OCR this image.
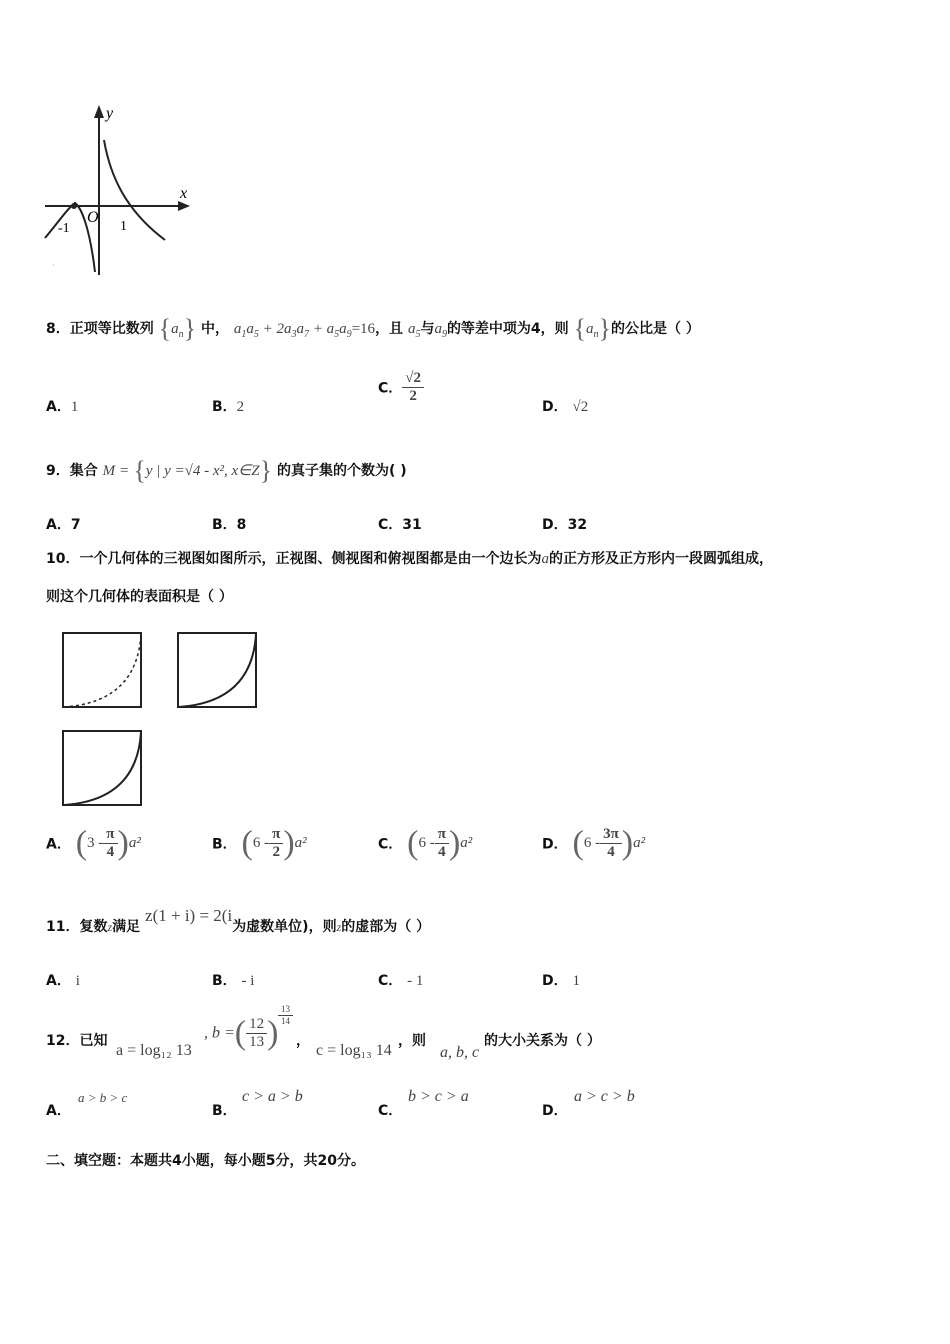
y
x
O
-1	1
·
8．正项等比数列 $\{a_n\}$ 中， $a_1a_5 + 2a_3a_7 + a_5a_9=16$，且 $a_5$与$a_9$的等差中项为4，则 $\{a_n\}$的公比是（ ）
A．1	B．2
C． $\frac{√2}{2}$
D． √2
9．集合 M = {y | y =√4 - x², x∈Z} 的真子集的个数为( )
A．7	B．8	C．31	D．32
10．一个几何体的三视图如图所示，正视图、侧视图和俯视图都是由一个边长为a的正方形及正方形内一段圆弧组成，
则这个几何体的表面积是（ ）
A． $(3 - \frac{\pi}{4} )a^2$	B． $(6 - \frac{\pi}{2} )a^2$	C． $(6 - \frac{\pi}{4} )a^2$	D． $(6 - \frac{3\pi}{4} )a^2$
11．复数z满足 z(1 + i) = 2(i为虚数单位)，则z的虚部为（ ）
A． i	B． - i	C． - 1	D． 1
12．已知
a = log₁₂ 13
, b =( $\frac{12}{13}$ ) $\frac{13}{14}$
，
c = log₁₃ 14
，则
a, b, c
的大小关系为（ ）
A．
a > b > c
B．
c > a > b
C．
b > c > a
D．
a > c > b
二、填空题：本题共4小题，每小题5分，共20分。
